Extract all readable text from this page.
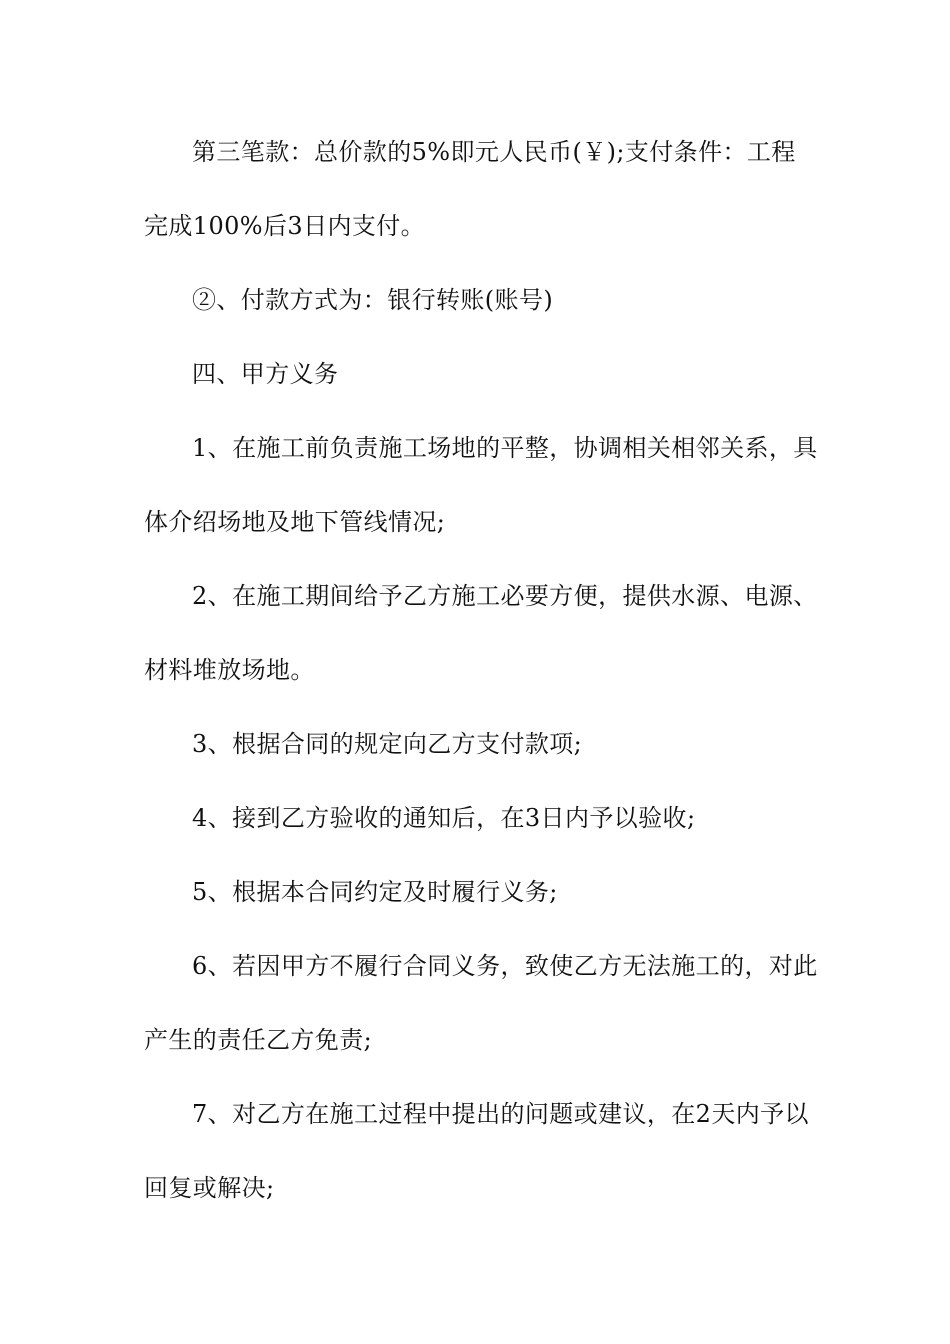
第三笔款：总价款的5%即元人民币(￥);支付条件：工程
完成100%后3日内支付。
②、付款方式为：银行转账(账号)
四、甲方义务
1、在施工前负责施工场地的平整，协调相关相邻关系，具
体介绍场地及地下管线情况;
2、在施工期间给予乙方施工必要方便，提供水源、电源、
材料堆放场地。
3、根据合同的规定向乙方支付款项;
4、接到乙方验收的通知后，在3日内予以验收;
5、根据本合同约定及时履行义务;
6、若因甲方不履行合同义务，致使乙方无法施工的，对此
产生的责任乙方免责;
7、对乙方在施工过程中提出的问题或建议，在2天内予以
回复或解决;
